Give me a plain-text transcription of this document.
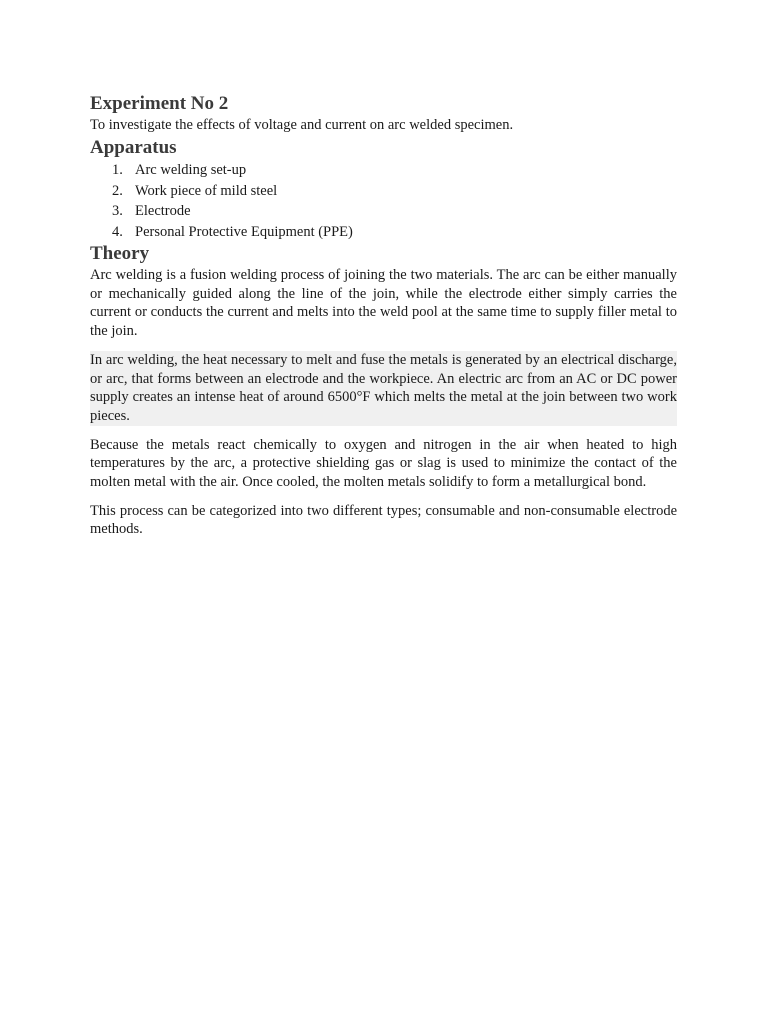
Experiment No 2
To investigate the effects of voltage and current on arc welded specimen.
Apparatus
1. Arc welding set-up
2. Work piece of mild steel
3. Electrode
4. Personal Protective Equipment (PPE)
Theory

Arc welding is a fusion welding process of joining the two materials. The arc can be either manually or mechanically guided along the line of the join, while the electrode either simply carries the current or conducts the current and melts into the weld pool at the same time to supply filler metal to the join.

In arc welding, the heat necessary to melt and fuse the metals is generated by an electrical discharge, or arc, that forms between an electrode and the workpiece. An electric arc from an AC or DC power supply creates an intense heat of around 6500°F which melts the metal at the join between two work pieces.

Because the metals react chemically to oxygen and nitrogen in the air when heated to high temperatures by the arc, a protective shielding gas or slag is used to minimize the contact of the molten metal with the air. Once cooled, the molten metals solidify to form a metallurgical bond.

This process can be categorized into two different types; consumable and non-consumable electrode methods.
